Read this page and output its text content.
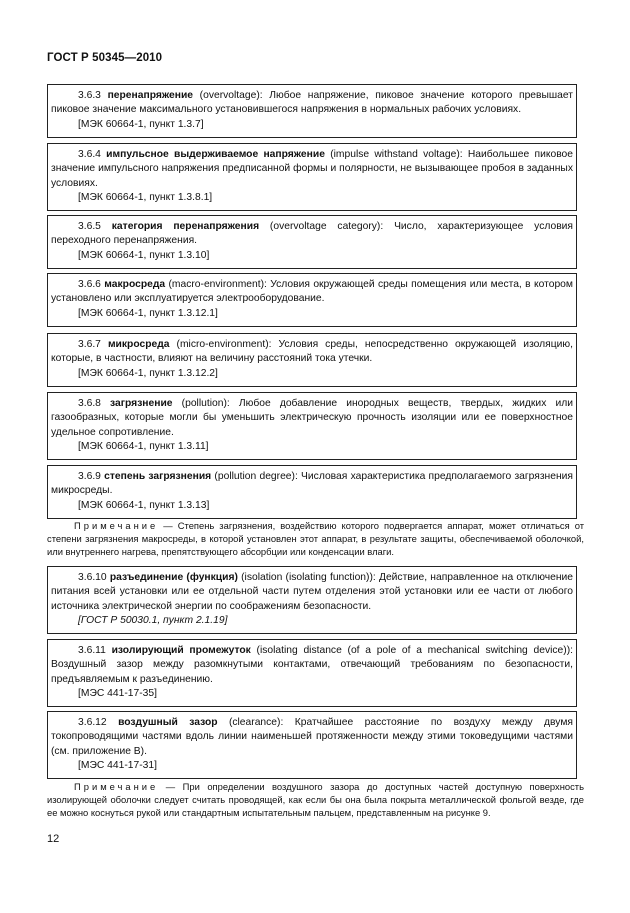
ГОСТ Р 50345—2010

3.6.3 перенапряжение (overvoltage): Любое напряжение, пиковое значение которого превышает пиковое значение максимального установившегося напряжения в нормальных рабочих условиях.

[МЭК 60664-1, пункт 1.3.7]

3.6.4 импульсное выдерживаемое напряжение (impulse withstand voltage): Наибольшее пиковое значение импульсного напряжения предписанной формы и полярности, не вызывающее пробоя в заданных условиях.

[МЭК 60664-1, пункт 1.3.8.1]

3.6.5 категория перенапряжения (overvoltage category): Число, характеризующее условия переходного перенапряжения.

[МЭК 60664-1, пункт 1.3.10]

3.6.6 макросреда (macro-environment): Условия окружающей среды помещения или места, в котором установлено или эксплуатируется электрооборудование.

[МЭК 60664-1, пункт 1.3.12.1]

3.6.7 микросреда (micro-environment): Условия среды, непосредственно окружающей изоляцию, которые, в частности, влияют на величину расстояний тока утечки.

[МЭК 60664-1, пункт 1.3.12.2]

3.6.8 загрязнение (pollution): Любое добавление инородных веществ, твердых, жидких или газообразных, которые могли бы уменьшить электрическую прочность изоляции или ее поверхностное удельное сопротивление.

[МЭК 60664-1, пункт 1.3.11]

3.6.9 степень загрязнения (pollution degree): Числовая характеристика предполагаемого загрязнения микросреды.

[МЭК 60664-1, пункт 1.3.13]

Примечание — Степень загрязнения, воздействию которого подвергается аппарат, может отличаться от степени загрязнения макросреды, в которой установлен этот аппарат, в результате защиты, обеспечиваемой оболочкой, или внутреннего нагрева, препятствующего абсорбции или конденсации влаги.

3.6.10 разъединение (функция) (isolation (isolating function)): Действие, направленное на отключение питания всей установки или ее отдельной части путем отделения этой установки или ее части от любого источника электрической энергии по соображениям безопасности.

[ГОСТ Р 50030.1, пункт 2.1.19]

3.6.11 изолирующий промежуток (isolating distance (of a pole of a mechanical switching device)): Воздушный зазор между разомкнутыми контактами, отвечающий требованиям по безопасности, предъявляемым к разъединению.

[МЭС 441-17-35]

3.6.12 воздушный зазор (clearance): Кратчайшее расстояние по воздуху между двумя токопроводящими частями вдоль линии наименьшей протяженности между этими токоведущими частями (см. приложение В).

[МЭС 441-17-31]

Примечание — При определении воздушного зазора до доступных частей доступную поверхность изолирующей оболочки следует считать проводящей, как если бы она была покрыта металлической фольгой везде, где ее можно коснуться рукой или стандартным испытательным пальцем, представленным на рисунке 9.
12
